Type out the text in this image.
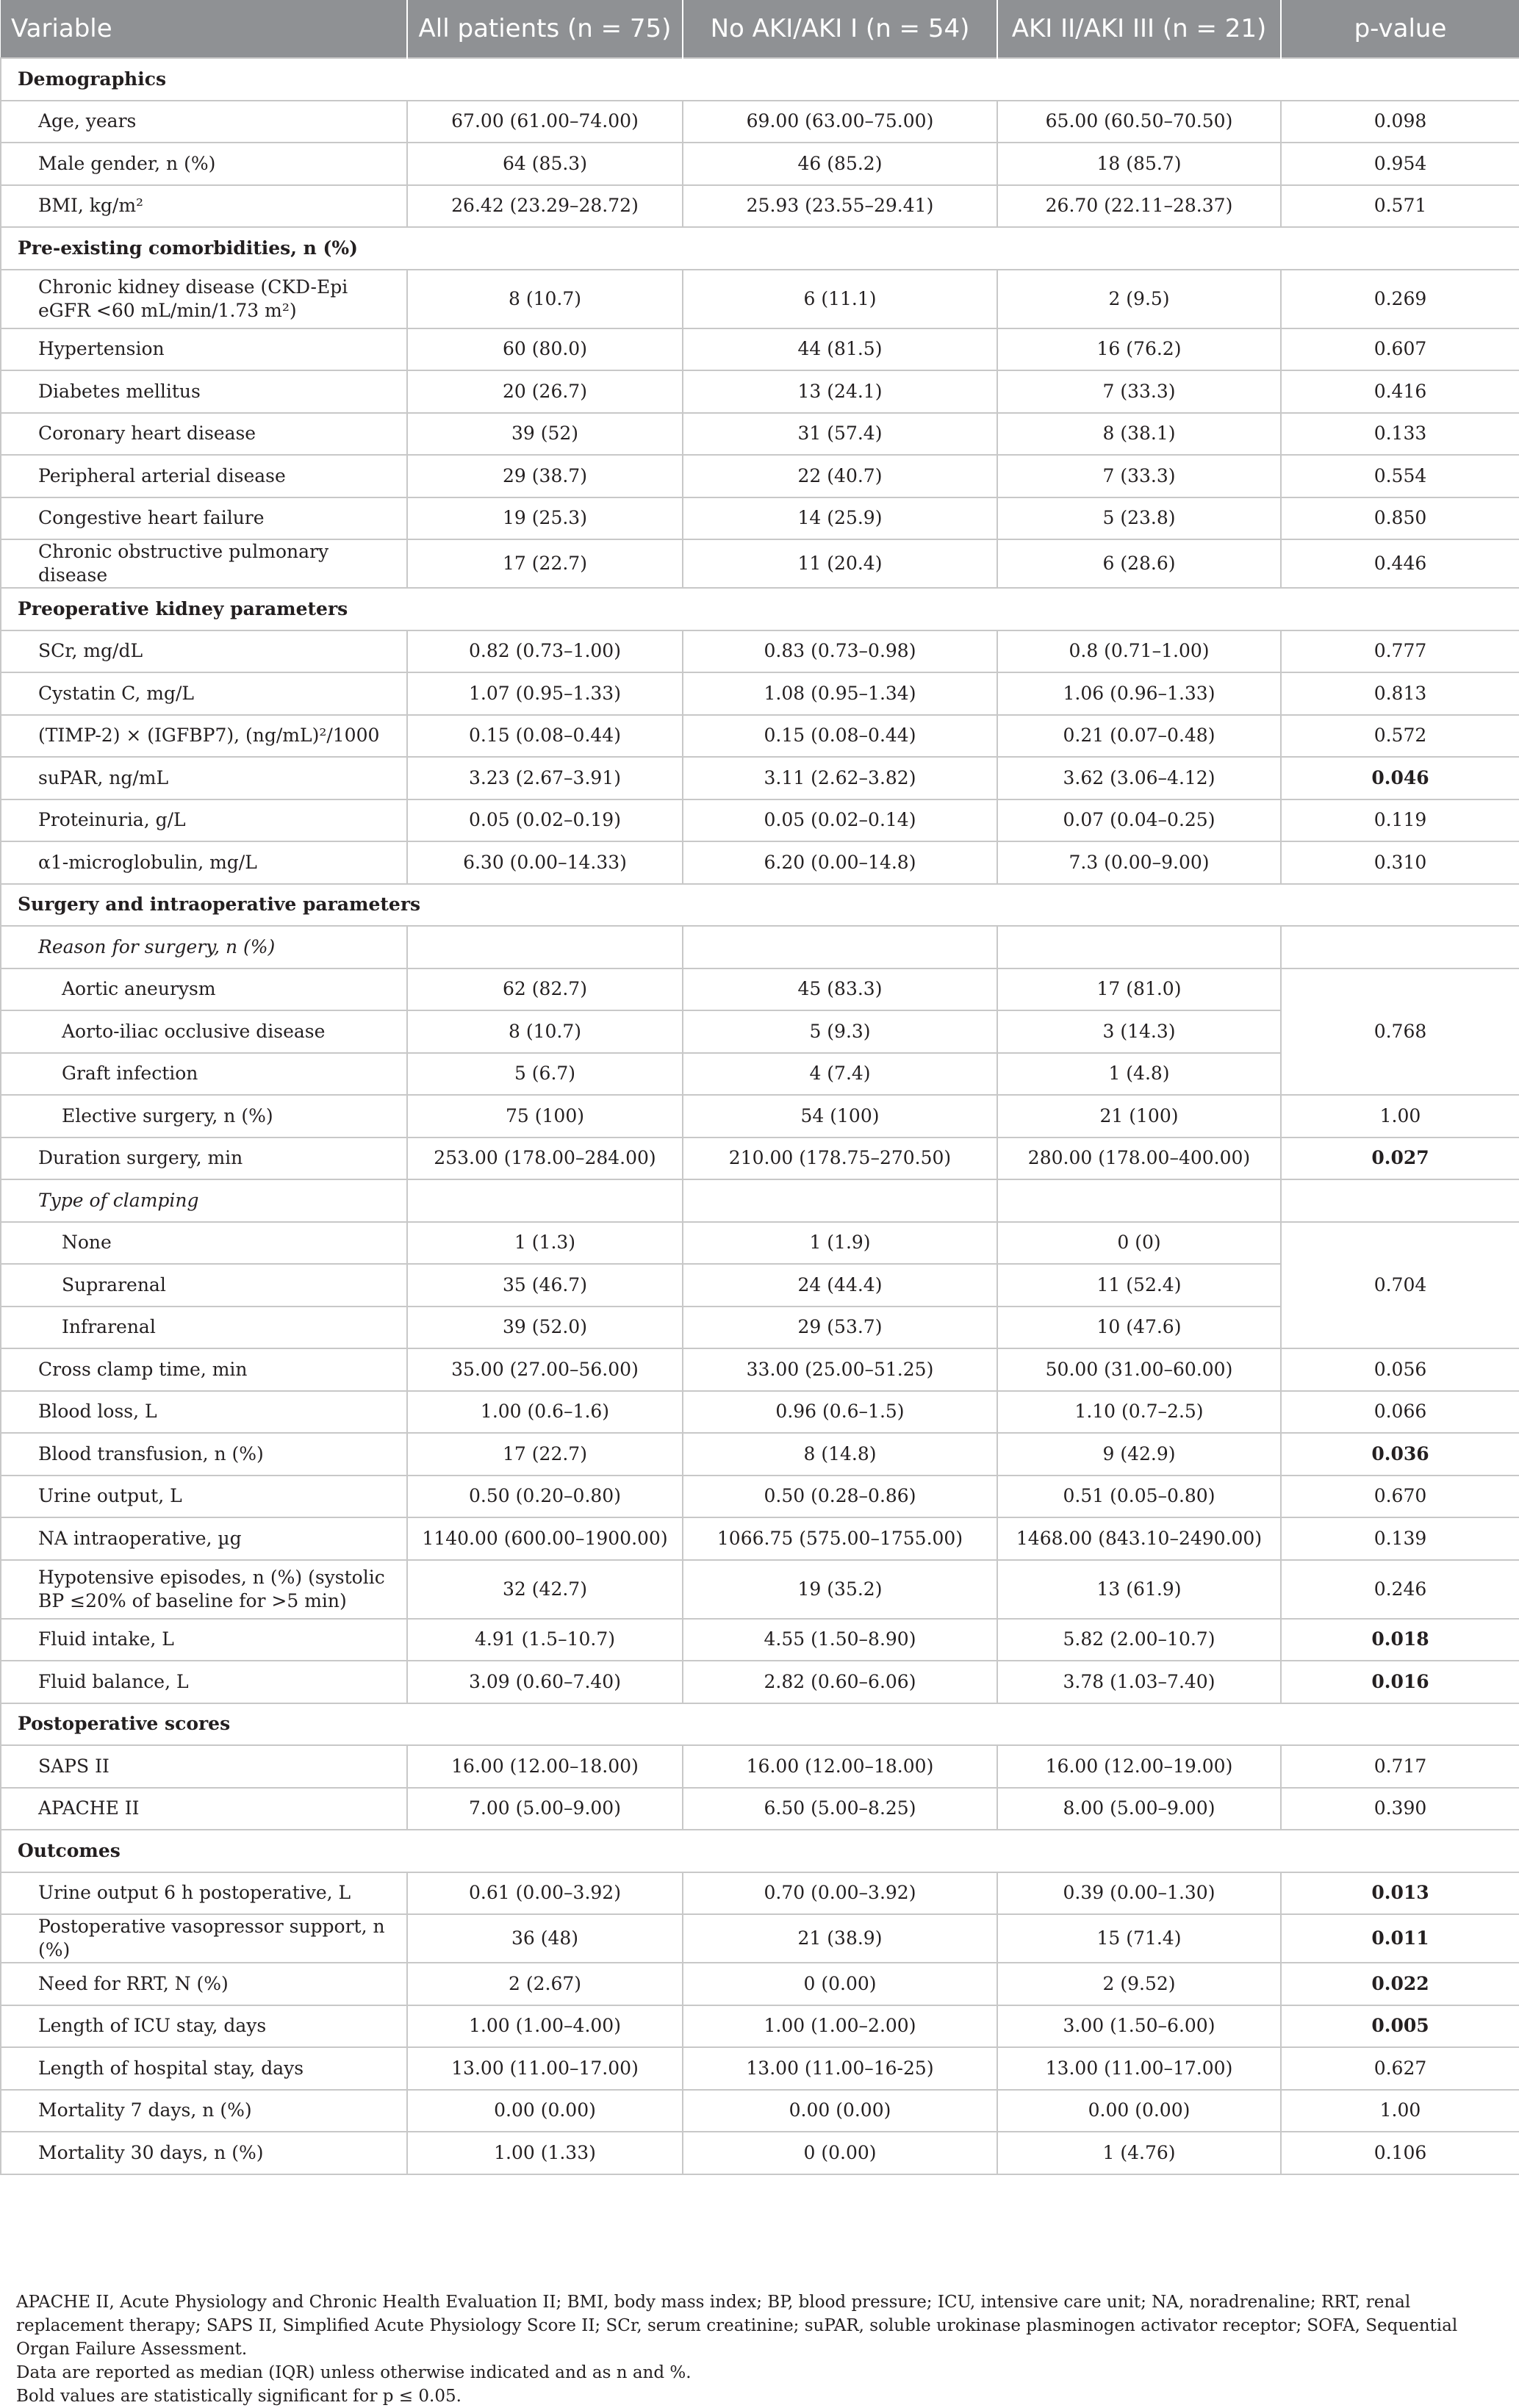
Variable	All patients (n = 75)	No AKI/AKI I (n = 54)	AKI II/AKI III (n = 21)	p-value
Demographics				
Age, years	67.00 (61.00–74.00)	69.00 (63.00–75.00)	65.00 (60.50–70.50)	0.098
Male gender, n (%)	64 (85.3)	46 (85.2)	18 (85.7)	0.954
BMI, kg/m²	26.42 (23.29–28.72)	25.93 (23.55–29.41)	26.70 (22.11–28.37)	0.571
Pre-existing comorbidities, n (%)				
Chronic kidney disease (CKD-Epi eGFR <60 mL/min/1.73 m²)	8 (10.7)	6 (11.1)	2 (9.5)	0.269
Hypertension	60 (80.0)	44 (81.5)	16 (76.2)	0.607
Diabetes mellitus	20 (26.7)	13 (24.1)	7 (33.3)	0.416
Coronary heart disease	39 (52)	31 (57.4)	8 (38.1)	0.133
Peripheral arterial disease	29 (38.7)	22 (40.7)	7 (33.3)	0.554
Congestive heart failure	19 (25.3)	14 (25.9)	5 (23.8)	0.850
Chronic obstructive pulmonary disease	17 (22.7)	11 (20.4)	6 (28.6)	0.446
Preoperative kidney parameters				
SCr, mg/dL	0.82 (0.73–1.00)	0.83 (0.73–0.98)	0.8 (0.71–1.00)	0.777
Cystatin C, mg/L	1.07 (0.95–1.33)	1.08 (0.95–1.34)	1.06 (0.96–1.33)	0.813
(TIMP-2) × (IGFBP7), (ng/mL)²/1000	0.15 (0.08–0.44)	0.15 (0.08–0.44)	0.21 (0.07–0.48)	0.572
suPAR, ng/mL	3.23 (2.67–3.91)	3.11 (2.62–3.82)	3.62 (3.06–4.12)	0.046
Proteinuria, g/L	0.05 (0.02–0.19)	0.05 (0.02–0.14)	0.07 (0.04–0.25)	0.119
α1-microglobulin, mg/L	6.30 (0.00–14.33)	6.20 (0.00–14.8)	7.3 (0.00–9.00)	0.310
Surgery and intraoperative parameters				
Reason for surgery, n (%)				
Aortic aneurysm	62 (82.7)	45 (83.3)	17 (81.0)	0.768
Aorto-iliac occlusive disease	8 (10.7)	5 (9.3)	3 (14.3)	
Graft infection	5 (6.7)	4 (7.4)	1 (4.8)	
Elective surgery, n (%)	75 (100)	54 (100)	21 (100)	1.00
Duration surgery, min	253.00 (178.00–284.00)	210.00 (178.75–270.50)	280.00 (178.00–400.00)	0.027
Type of clamping				
None	1 (1.3)	1 (1.9)	0 (0)	0.704
Suprarenal	35 (46.7)	24 (44.4)	11 (52.4)	
Infrarenal	39 (52.0)	29 (53.7)	10 (47.6)	
Cross clamp time, min	35.00 (27.00–56.00)	33.00 (25.00–51.25)	50.00 (31.00–60.00)	0.056
Blood loss, L	1.00 (0.6–1.6)	0.96 (0.6–1.5)	1.10 (0.7–2.5)	0.066
Blood transfusion, n (%)	17 (22.7)	8 (14.8)	9 (42.9)	0.036
Urine output, L	0.50 (0.20–0.80)	0.50 (0.28–0.86)	0.51 (0.05–0.80)	0.670
NA intraoperative, µg	1140.00 (600.00–1900.00)	1066.75 (575.00–1755.00)	1468.00 (843.10–2490.00)	0.139
Hypotensive episodes, n (%) (systolic BP ≤20% of baseline for >5 min)	32 (42.7)	19 (35.2)	13 (61.9)	0.246
Fluid intake, L	4.91 (1.5–10.7)	4.55 (1.50–8.90)	5.82 (2.00–10.7)	0.018
Fluid balance, L	3.09 (0.60–7.40)	2.82 (0.60–6.06)	3.78 (1.03–7.40)	0.016
Postoperative scores				
SAPS II	16.00 (12.00–18.00)	16.00 (12.00–18.00)	16.00 (12.00–19.00)	0.717
APACHE II	7.00 (5.00–9.00)	6.50 (5.00–8.25)	8.00 (5.00–9.00)	0.390
Outcomes				
Urine output 6 h postoperative, L	0.61 (0.00–3.92)	0.70 (0.00–3.92)	0.39 (0.00–1.30)	0.013
Postoperative vasopressor support, n (%)	36 (48)	21 (38.9)	15 (71.4)	0.011
Need for RRT, N (%)	2 (2.67)	0 (0.00)	2 (9.52)	0.022
Length of ICU stay, days	1.00 (1.00–4.00)	1.00 (1.00–2.00)	3.00 (1.50–6.00)	0.005
Length of hospital stay, days	13.00 (11.00–17.00)	13.00 (11.00–16-25)	13.00 (11.00–17.00)	0.627
Mortality 7 days, n (%)	0.00 (0.00)	0.00 (0.00)	0.00 (0.00)	1.00
Mortality 30 days, n (%)	1.00 (1.33)	0 (0.00)	1 (4.76)	0.106
APACHE II, Acute Physiology and Chronic Health Evaluation II; BMI, body mass index; BP, blood pressure; ICU, intensive care unit; NA, noradrenaline; RRT, renal replacement therapy; SAPS II, Simplified Acute Physiology Score II; SCr, serum creatinine; suPAR, soluble urokinase plasminogen activator receptor; SOFA, Sequential Organ Failure Assessment.
Data are reported as median (IQR) unless otherwise indicated and as n and %.
Bold values are statistically significant for p ≤ 0.05.
